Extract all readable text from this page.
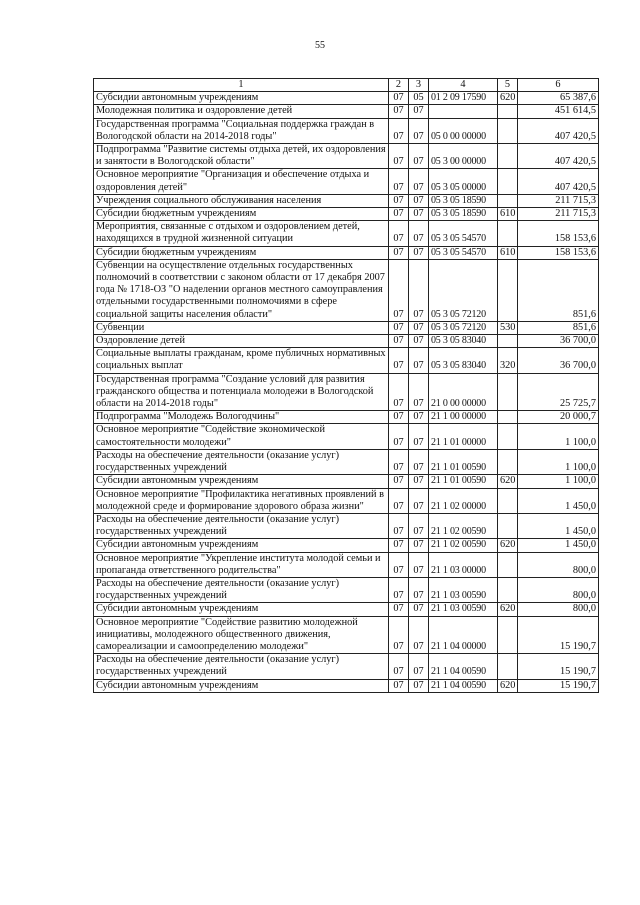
55
1	2	3	4	5	6
Субсидии автономным учреждениям	07	05	01 2 09 17590	620	65 387,6
Молодежная политика и оздоровление детей	07	07			451 614,5
Государственная программа "Социальная поддержка граждан в Вологодской области на 2014-2018 годы"	07	07	05 0 00 00000		407 420,5
Подпрограмма "Развитие системы отдыха детей, их оздоровления и занятости в Вологодской области"	07	07	05 3 00 00000		407 420,5
Основное мероприятие "Организация и обеспечение отдыха и оздоровления детей"	07	07	05 3 05 00000		407 420,5
Учреждения социального обслуживания населения	07	07	05 3 05 18590		211 715,3
Субсидии бюджетным учреждениям	07	07	05 3 05 18590	610	211 715,3
Мероприятия, связанные с отдыхом и оздоровлением детей, находящихся в трудной жизненной ситуации	07	07	05 3 05 54570		158 153,6
Субсидии бюджетным учреждениям	07	07	05 3 05 54570	610	158 153,6
Субвенции на осуществление отдельных государственных полномочий в соответствии с законом области от 17 декабря 2007 года № 1718-ОЗ "О наделении органов местного самоуправления отдельными государственными полномочиями в сфере социальной защиты населения области"	07	07	05 3 05 72120		851,6
Субвенции	07	07	05 3 05 72120	530	851,6
Оздоровление детей	07	07	05 3 05 83040		36 700,0
Социальные выплаты гражданам, кроме публичных нормативных социальных выплат	07	07	05 3 05 83040	320	36 700,0
Государственная программа "Создание условий для развития гражданского общества и потенциала молодежи в Вологодской области на 2014-2018 годы"	07	07	21 0 00 00000		25 725,7
Подпрограмма "Молодежь Вологодчины"	07	07	21 1 00 00000		20 000,7
Основное мероприятие "Содействие экономической самостоятельности молодежи"	07	07	21 1 01 00000		1 100,0
Расходы на обеспечение деятельности (оказание услуг) государственных учреждений	07	07	21 1 01 00590		1 100,0
Субсидии автономным учреждениям	07	07	21 1 01 00590	620	1 100,0
Основное мероприятие "Профилактика негативных проявлений в молодежной среде и формирование здорового образа жизни"	07	07	21 1 02 00000		1 450,0
Расходы на обеспечение деятельности (оказание услуг) государственных учреждений	07	07	21 1 02 00590		1 450,0
Субсидии автономным учреждениям	07	07	21 1 02 00590	620	1 450,0
Основное мероприятие "Укрепление института молодой семьи и пропаганда ответственного родительства"	07	07	21 1 03 00000		800,0
Расходы на обеспечение деятельности (оказание услуг) государственных учреждений	07	07	21 1 03 00590		800,0
Субсидии автономным учреждениям	07	07	21 1 03 00590	620	800,0
Основное мероприятие "Содействие развитию молодежной инициативы, молодежного общественного движения, самореализации и самоопределению молодежи"	07	07	21 1 04 00000		15 190,7
Расходы на обеспечение деятельности (оказание услуг) государственных учреждений	07	07	21 1 04 00590		15 190,7
Субсидии автономным учреждениям	07	07	21 1 04 00590	620	15 190,7
